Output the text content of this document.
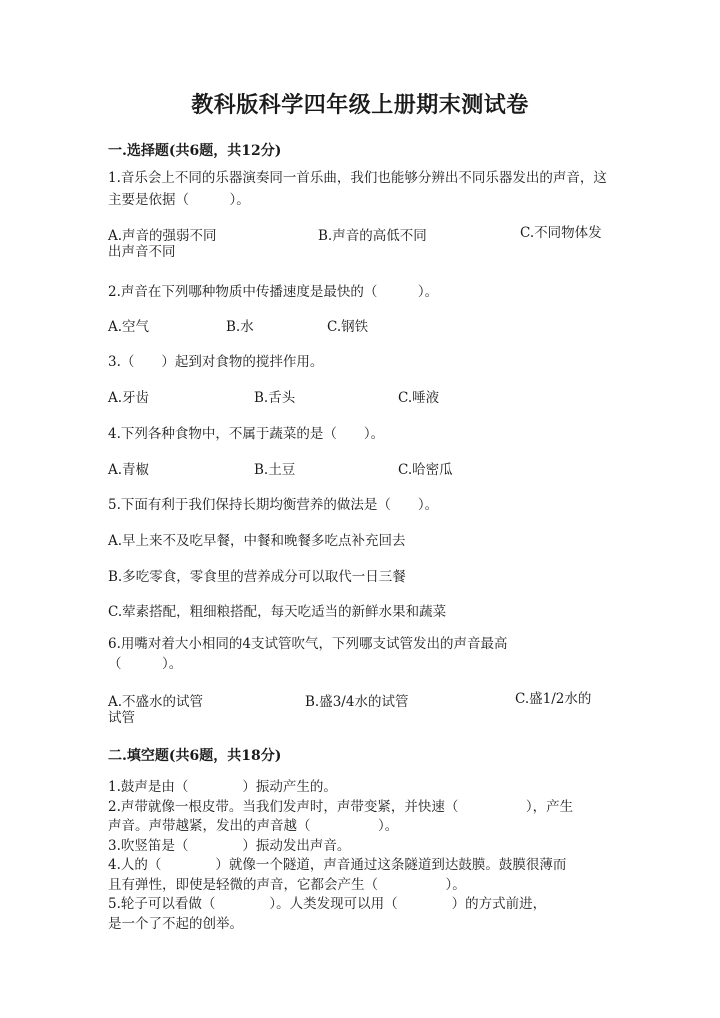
教科版科学四年级上册期末测试卷
一.选择题(共6题，共12分)
1.音乐会上不同的乐器演奏同一首乐曲，我们也能够分辨出不同乐器发出的声音，这主要是依据（　　　）。
A.声音的强弱不同	B.声音的高低不同	C.不同物体发出声音不同
2.声音在下列哪种物质中传播速度是最快的（　　　）。
A.空气	B.水	C.钢铁
3.（　　）起到对食物的搅拌作用。
A.牙齿	B.舌头	C.唾液
4.下列各种食物中，不属于蔬菜的是（　　）。
A.青椒	B.土豆	C.哈密瓜
5.下面有利于我们保持长期均衡营养的做法是（　　）。
A.早上来不及吃早餐，中餐和晚餐多吃点补充回去
B.多吃零食，零食里的营养成分可以取代一日三餐
C.荤素搭配，粗细粮搭配，每天吃适当的新鲜水果和蔬菜
6.用嘴对着大小相同的4支试管吹气，下列哪支试管发出的声音最高（　　　）。
A.不盛水的试管	B.盛3/4水的试管	C.盛1/2水的试管
二.填空题(共6题，共18分)
1.鼓声是由（　　　　）振动产生的。
2.声带就像一根皮带。当我们发声时，声带变紧，并快速（　　　　　），产生
声音。声带越紧，发出的声音越（　　　　　）。
3.吹竖笛是（　　　　）振动发出声音。
4.人的（　　　　）就像一个隧道，声音通过这条隧道到达鼓膜。鼓膜很薄而
且有弹性，即使是轻微的声音，它都会产生（　　　　　）。
5.轮子可以看做（　　　　）。人类发现可以用（　　　　）的方式前进，
是一个了不起的创举。
